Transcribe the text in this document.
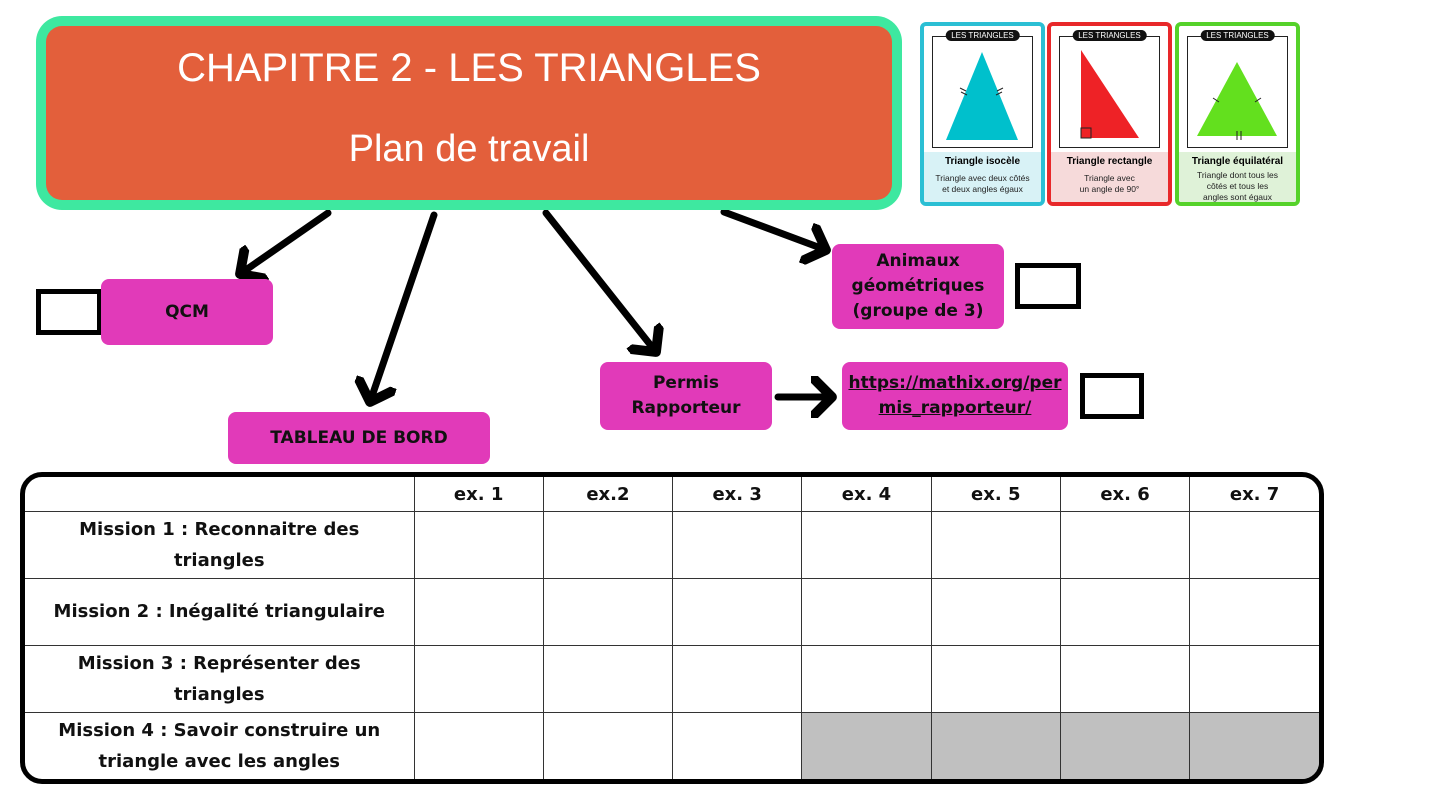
CHAPITRE 2 - LES TRIANGLES
Plan de travail
LES TRIANGLES
Triangle isocèle
Triangle avec deux côtés
et deux angles égaux
LES TRIANGLES
Triangle rectangle
Triangle avec
un angle de 90°
LES TRIANGLES
Triangle équilatéral
Triangle dont tous les
côtés et tous les
angles sont égaux
QCM
TABLEAU DE BORD
Permis
Rapporteur
https://mathix.org/per
mis_rapporteur/
Animaux
géométriques
(groupe de 3)
	ex. 1	ex.2	ex. 3	ex. 4	ex. 5	ex. 6	ex. 7

Mission 1 : Reconnaitre des
triangles							

Mission 2 : Inégalité triangulaire							

Mission 3 : Représenter des
triangles							

Mission 4 : Savoir construire un
triangle avec les angles							
